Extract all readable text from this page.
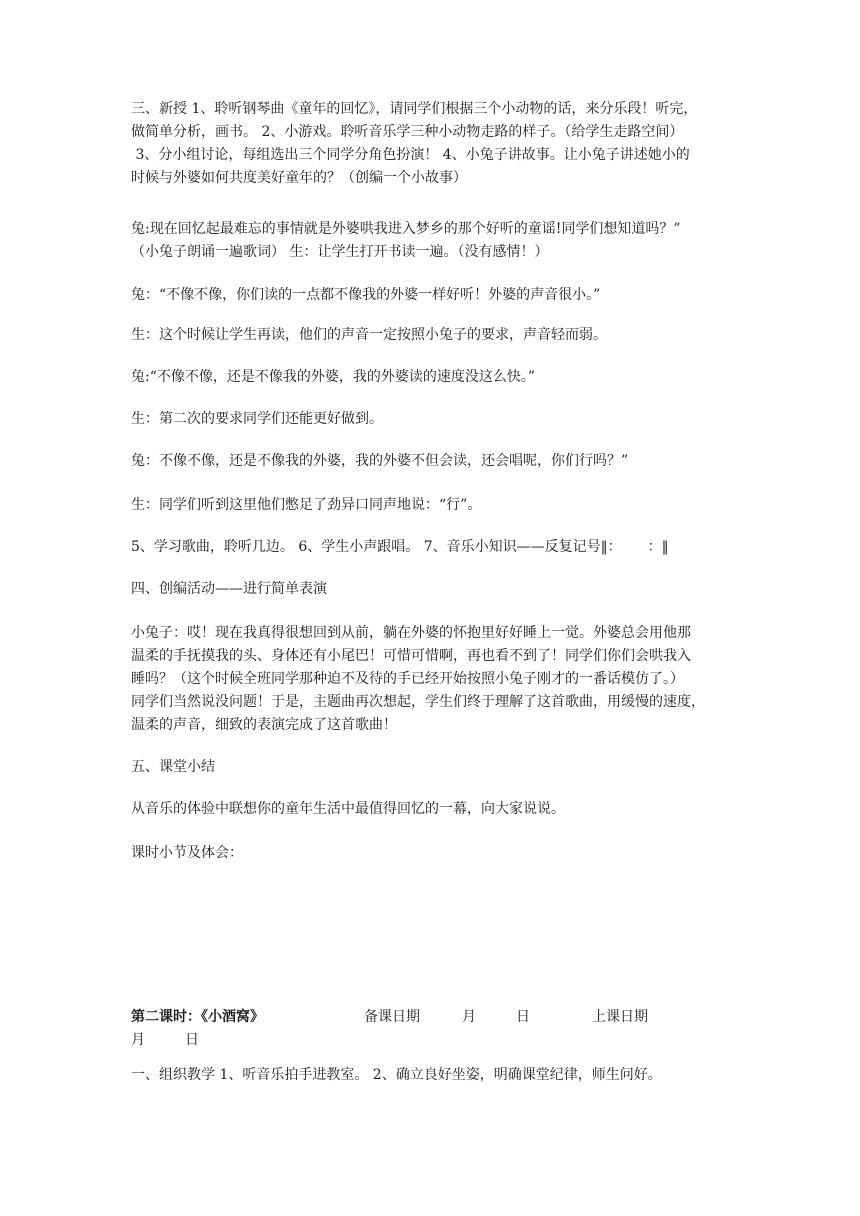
三、新授 1、聆听钢琴曲《童年的回忆》，请同学们根据三个小动物的话，来分乐段！听完，
做简单分析，画书。 2、小游戏。聆听音乐学三种小动物走路的样子。（给学生走路空间）
3、分小组讨论，每组选出三个同学分角色扮演！ 4、小兔子讲故事。让小兔子讲述她小的
时候与外婆如何共度美好童年的？（创编一个小故事）
兔:现在回忆起最难忘的事情就是外婆哄我进入梦乡的那个好听的童谣!同学们想知道吗？”
（小兔子朗诵一遍歌词） 生：让学生打开书读一遍。（没有感情！）
兔：“不像不像，你们读的一点都不像我的外婆一样好听！外婆的声音很小。”
生：这个时候让学生再读，他们的声音一定按照小兔子的要求，声音轻而弱。
兔:“不像不像，还是不像我的外婆，我的外婆读的速度没这么快。”
生：第二次的要求同学们还能更好做到。
兔：不像不像，还是不像我的外婆，我的外婆不但会读，还会唱呢，你们行吗？”
生：同学们听到这里他们憋足了劲异口同声地说：“行”。
5、学习歌曲，聆听几边。 6、学生小声跟唱。 7、音乐小知识——反复记号‖： ：‖
四、创编活动——进行简单表演
小兔子：哎！现在我真得很想回到从前，躺在外婆的怀抱里好好睡上一觉。外婆总会用他那
温柔的手抚摸我的头、身体还有小尾巴！可惜可惜啊，再也看不到了！同学们你们会哄我入
睡吗？（这个时候全班同学那种迫不及待的手已经开始按照小兔子刚才的一番话模仿了。）
同学们当然说没问题！于是，主题曲再次想起，学生们终于理解了这首歌曲，用缓慢的速度，
温柔的声音，细致的表演完成了这首歌曲！
五、课堂小结
从音乐的体验中联想你的童年生活中最值得回忆的一幕，向大家说说。
课时小节及体会：
第二课时：《小酒窝》	备课日期	月	日	上课日期
月	日
一、组织教学 1、听音乐拍手进教室。 2、确立良好坐姿，明确课堂纪律，师生问好。
